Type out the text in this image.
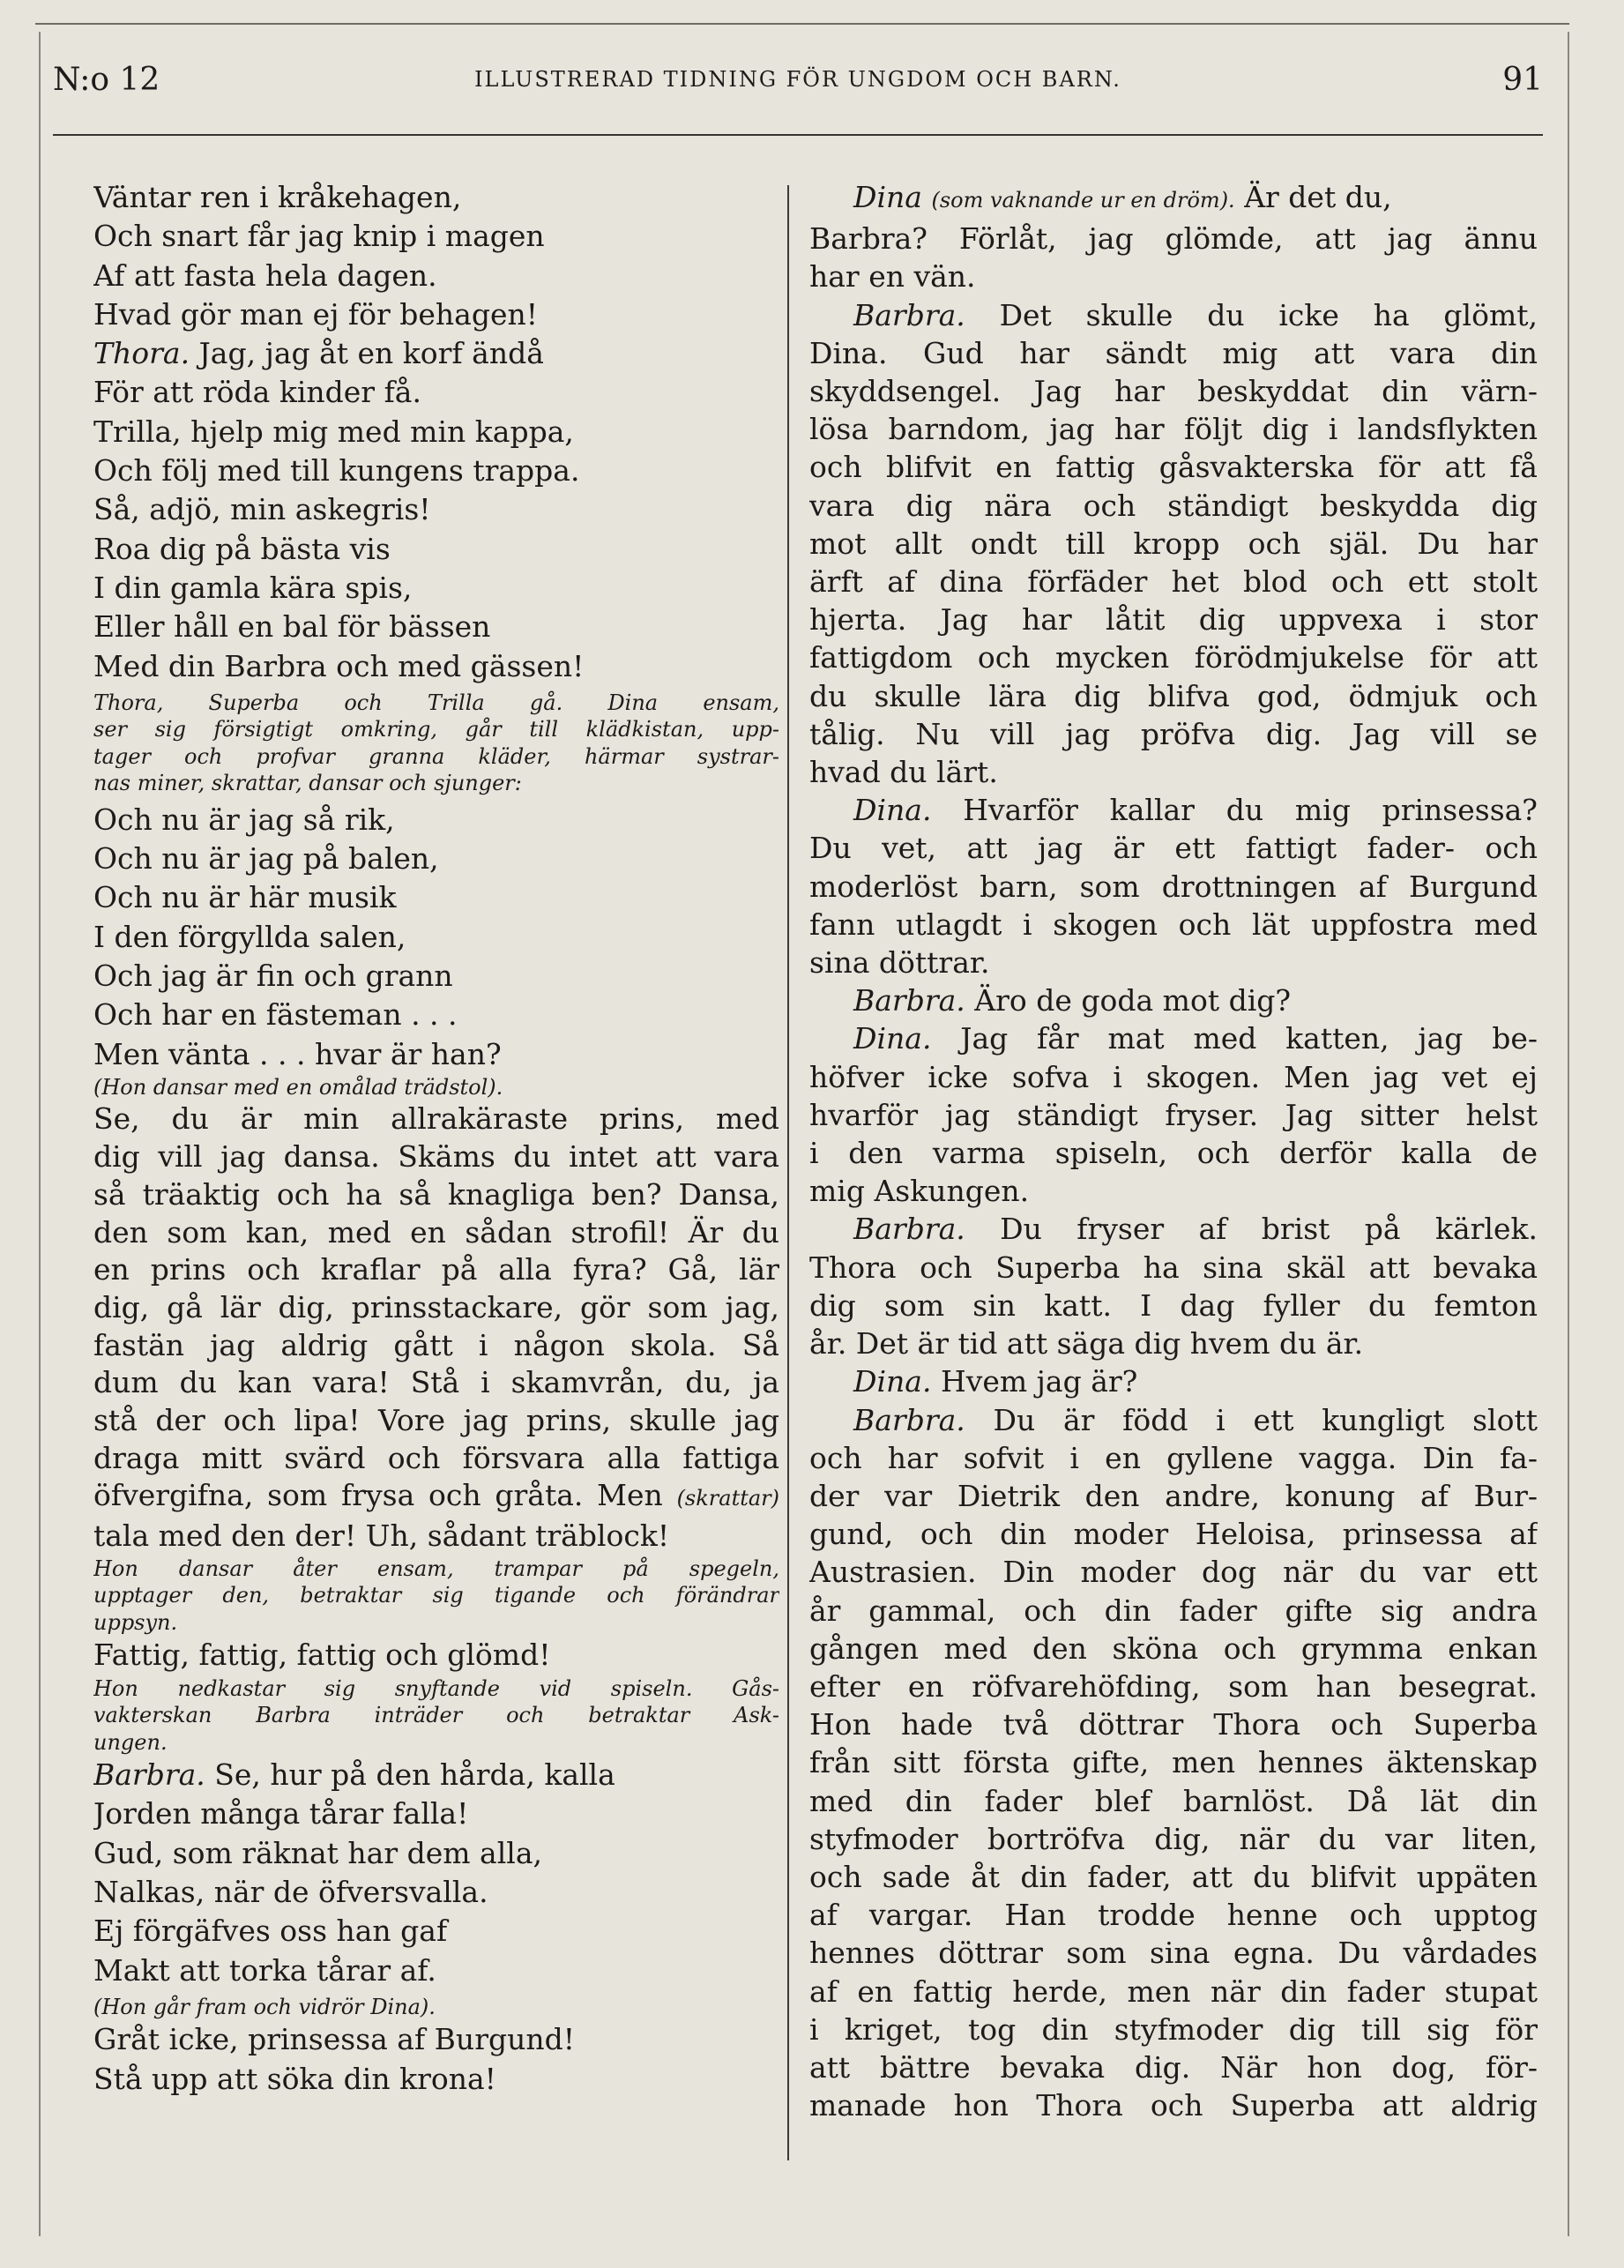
N:o 12	ILLUSTRERAD TIDNING FÖR UNGDOM OCH BARN.	91
Väntar ren i kråkehagen,
Och snart får jag knip i magen
Af att fasta hela dagen.
Hvad gör man ej för behagen!
Thora. Jag, jag åt en korf ändå
För att röda kinder få.
Trilla, hjelp mig med min kappa,
Och följ med till kungens trappa.
Så, adjö, min askegris!
Roa dig på bästa vis
I din gamla kära spis,
Eller håll en bal för bässen
Med din Barbra och med gässen!
Thora, Superba och Trilla gå. Dina ensam,
ser sig försigtigt omkring, går till klädkistan, upp-
tager och profvar granna kläder, härmar systrar-
nas miner, skrattar, dansar och sjunger:
Och nu är jag så rik,
Och nu är jag på balen,
Och nu är här musik
I den förgyllda salen,
Och jag är fin och grann
Och har en fästeman . . .
Men vänta . . . hvar är han?
(Hon dansar med en omålad trädstol).
Se, du är min allrakäraste prins, med
dig vill jag dansa. Skäms du intet att vara
så träaktig och ha så knagliga ben? Dansa,
den som kan, med en sådan strofil! Är du
en prins och kraflar på alla fyra? Gå, lär
dig, gå lär dig, prinsstackare, gör som jag,
fastän jag aldrig gått i någon skola. Så
dum du kan vara! Stå i skamvrån, du, ja
stå der och lipa! Vore jag prins, skulle jag
draga mitt svärd och försvara alla fattiga
öfvergifna, som frysa och gråta. Men (skrattar)
tala med den der! Uh, sådant träblock!
Hon dansar åter ensam, trampar på spegeln,
upptager den, betraktar sig tigande och förändrar
uppsyn.
Fattig, fattig, fattig och glömd!
Hon nedkastar sig snyftande vid spiseln. Gås-
vakterskan Barbra inträder och betraktar Ask-
ungen.
Barbra. Se, hur på den hårda, kalla
Jorden många tårar falla!
Gud, som räknat har dem alla,
Nalkas, när de öfversvalla.
Ej förgäfves oss han gaf
Makt att torka tårar af.
(Hon går fram och vidrör Dina).
Gråt icke, prinsessa af Burgund!
Stå upp att söka din krona!
Dina (som vaknande ur en dröm). Är det du,
Barbra? Förlåt, jag glömde, att jag ännu
har en vän.
Barbra. Det skulle du icke ha glömt,
Dina. Gud har sändt mig att vara din
skyddsengel. Jag har beskyddat din värn-
lösa barndom, jag har följt dig i landsflykten
och blifvit en fattig gåsvakterska för att få
vara dig nära och ständigt beskydda dig
mot allt ondt till kropp och själ. Du har
ärft af dina förfäder het blod och ett stolt
hjerta. Jag har låtit dig uppvexa i stor
fattigdom och mycken förödmjukelse för att
du skulle lära dig blifva god, ödmjuk och
tålig. Nu vill jag pröfva dig. Jag vill se
hvad du lärt.
Dina. Hvarför kallar du mig prinsessa?
Du vet, att jag är ett fattigt fader- och
moderlöst barn, som drottningen af Burgund
fann utlagdt i skogen och lät uppfostra med
sina döttrar.
Barbra. Äro de goda mot dig?
Dina. Jag får mat med katten, jag be-
höfver icke sofva i skogen. Men jag vet ej
hvarför jag ständigt fryser. Jag sitter helst
i den varma spiseln, och derför kalla de
mig Askungen.
Barbra. Du fryser af brist på kärlek.
Thora och Superba ha sina skäl att bevaka
dig som sin katt. I dag fyller du femton
år. Det är tid att säga dig hvem du är.
Dina. Hvem jag är?
Barbra. Du är född i ett kungligt slott
och har sofvit i en gyllene vagga. Din fa-
der var Dietrik den andre, konung af Bur-
gund, och din moder Heloisa, prinsessa af
Austrasien. Din moder dog när du var ett
år gammal, och din fader gifte sig andra
gången med den sköna och grymma enkan
efter en röfvarehöfding, som han besegrat.
Hon hade två döttrar Thora och Superba
från sitt första gifte, men hennes äktenskap
med din fader blef barnlöst. Då lät din
styfmoder bortröfva dig, när du var liten,
och sade åt din fader, att du blifvit uppäten
af vargar. Han trodde henne och upptog
hennes döttrar som sina egna. Du vårdades
af en fattig herde, men när din fader stupat
i kriget, tog din styfmoder dig till sig för
att bättre bevaka dig. När hon dog, för-
manade hon Thora och Superba att aldrig
